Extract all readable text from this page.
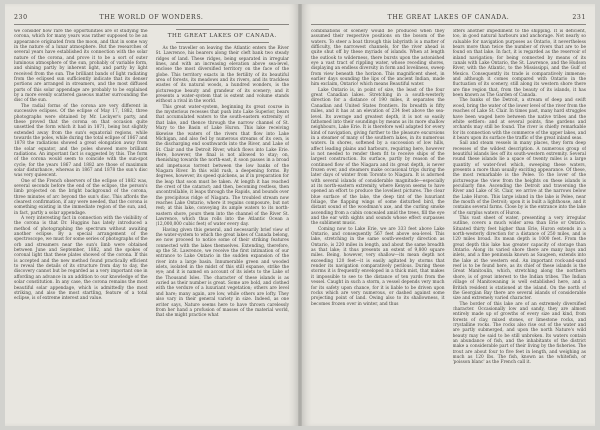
230	THE WORLD OF WONDERS.

we consider how rare the opportunities are of studying the corona, which for many years was rather supposed to be an appearance originated from the moon, and that in some way in the nature of a lunar atmosphere. But the researches of several years have established its connection with the solar nature of the corona, and prove it to be a sort of outer luminous atmosphere of the sun, probably of variable form, and shining partly by inherent light, and partly by light received from the sun. The brilliant bands of light radiating from the eclipsed sun sufficiently indicate that its denser portions are arranged in streamers, and the most diffused parts of this solar appendage are probably to be explained by a more evenly scattered gaseous matter surrounding the disc of the sun.

The radial forms of the corona are very different in successive eclipses. Of the eclipse of May 17, 1882, three photographs were obtained by Mr. Lockyer's party, and these proved that the corona on that occasion quite unsettled the form which it had in 1871, being but slightly extended away from the sun's equatorial regions, while towards the poles, while during the total eclipse of 1867 and 1878 the radiations showed a great elongation away from the solar equator, and the poles showed more brilliant radiations. An important fact is suggested by this. The form of the corona would seem to coincide with the sun-spot cycle; for the years 1867 and 1882 are those of maximum solar disturbance, whereas in 1867 and 1878 the sun's disc was very quiescent.

One of the French observers of the eclipse of 1882 was, several seconds before the end of the eclipse, the person's limb projected on the bright background of the corona, three minutes of arc beyond the sun's disc. This affords the clearest confirmation, if any were needed, that the corona is something existing in the immediate region of the sun, and, in fact, partly a solar appendage.

A very interesting fact in connection with the visibility of the corona is that Dr. Huggins has lately introduced a method of photographing the spectrum without awaiting another eclipse. By a special arrangement of the spectroscope, we must for some series of photographs of the orb and streamers near the sun's limb were obtained between June and September, 1882, and the spokes of coronal light that these plates showed of the corona. If this is accepted and the new method found practically efficient to reveal the details of its structure from day to day, the discovery cannot but be regarded as a very important one in affording an advance in an addition to our knowledge of the solar constitution. In any case, the corona remains the most beautiful solar appendage, which is admittedly the most striking, and also the most startling, feature of a total eclipse, is of extreme interest and value.

THE GREAT LAKES OF CANADA.

As the traveller on leaving the Atlantic enters the River St. Lawrence, his bearers along their cleft bank two steady ridges of land. These ridges, being separated in irregular lines, and with an increasing elevation above sea-level, enclose the most diversified territory on the face of the globe. This territory exacts in the fertility of its beautiful area of forests, its meadows and its rivers, and its trackless wastes of its natural woods, a hundred wonders, is the picturesque beauty and grandeur of its scenery; and it presents a water-system that is extent and volume stands without a rival in the world.

This great water-system, beginning its great course in the mysterious recesses that push into Lake Superior, bears that accumulated waters to the south-eastern extremity of that lake, and thence through the narrow channel of St. Mary to the Basin of Lake Huron. This lake receiving likewise the waters of the rivers that flow into Lake Michigan, and also fed by numerous streams of its own, is the discharging end southwards into the River, and Lake of St. Clair and the Detroit River, which flows into Lake Erie. Here, however, the final is not allowed to stay; on, rhenishing towards the north-east, it soon passes in a broad and impetuous torrent between the low banks of the Niagara River. In this wild rush, a deepening forms. By degrees, however, its speed quickens, as if in preparation for the leap that soon must be taken. At length it has reached the crest of the cataract; and then, becoming restless, then uncontrollable, it leaps through the Rapids, and bounds over the precipitous ridge of Niagara. The troubled stream now reaches Lake Ontario, where it regains composure, but not rest; at this lake, conveying its ample waters to its north-eastern shore, pours them into the channel of the River St. Lawrence, which thus rolls into the Atlantic Ocean a (12,000,000 cubic feet) of water every day.

Having given this general, and necessarily brief view of the water-system to which the great lakes of Canada belong, we now proceed to notice some of their striking features connected with the lakes themselves. Extending, therefore, up the St. Lawrence, we receive the first intimation of our entrance to Lake Ontario in the sudden expansion of the river into a large basin. Innumerable green and wooded islets, isolated in the midst of this still expanse, strike the eye; and it is named on account of its islets to the Lake of the Thousand Isles. The character of these islands is as varied as their number is great. Some are bold, and clothed with the verdure of a luxuriant vegetation; others are level and bare; many again, are low, while others are lofty. They also vary in their general variety in size. Indeed, as one writer says, Nature seems here to have thrown carelessly from her hand a profusion of masses of the material world, that she might practice what

THE GREAT LAKES OF CANADA.	231

combinations of scenery would be produced when they assumed their respective positions on the bosom of the waters. To steer a boat through this labyrinth is a matter of difficulty, the narrowest channels, for the river ahead is quite shut off by these myriads of islands. When at length the outlook to wilderness, there bursts upon the astonished eye a vast tract of rippling water, whose receding shores, displaying an endless diversity in form and loveliness, sweep from view beneath the horizon. This magnificent sheet, in earlier days sounding the lips of the ancient Indian, made him exclaim, Ontario! which means Beautiful water.

Lake Ontario is, in point of size, the least of the four great Canadian lakes. Stretching in a south-westerly direction for a distance of 190 miles, it separates the Canadian and United States frontiers. Its breadth is fifty miles, and it has at an elevation of 234 feet above the sea-level. Its average and greatest depth, it is not so easily fathomed into their soundings by means as its more shallow neighbours, Lake Erie. It is therefore well adapted for every kind of navigation, giving further to the pleasure excursions in a steamer of many of the southern lakes, in its numerous waters. In shores, softened by a succession of low hills, affect leading plains and harbours, requiring here, however is not needed to render them fit to receive ships of the largest construction. Its surface, partly by reason of the continued flow of the Niagara and its great depth, is never frozen over, and steamers make occasional trips during the later days of winter from Toronto to Niagara. It is adorned with several islands of considerable magnitude—especially at its north-eastern extremity, where Kenyon seems to have opened an effort to produce the loveliest pictures. The clear blue surface of the lake, the deep tint of the luxuriant foliage, the flapping wings of some disturbed bird, the distant sound of the woodman's axe, and the curling smoke ascending from a cabin concealed amid the trees, fill the eye and the ear with sights and sounds whose effect surpasses the subliment music.

Coming now to Lake Erie, we are 333 feet above Lake Ontario, and consequently 567 feet above sea-level. This lake, stretching in the same south-westerly direction as Ontario, is 220 miles in length, and about the same breadth as that lake; it thus presents an extent of 9,800 square miles. Being, however, very shallow—its mean depth not exceeding 120 feet—it is easily agitated by storms that render its navigation comparatively perilous. During these storms it is frequently enveloped in a thick mist, that makes it impossible to see to the distance of ten yards from the vessel. Caught in such a storm, a vessel depends very much for its safety upon chance, for it is liable to be driven upon rocks which are very numerous, or dashed against some projecting point of land. Owing also to its shallowness, it becomes frozen over in winter, and thus

offers another impediment to the shipping. It is deficient, too, in good natural harbours and anchorage. Not nearly so valuable for navigation purposes as Ontario, it nevertheless bears more than twice the number of rivers that are to be found on that lake. In fact, it is regarded as the reservoir of inland navigation; for being connected by means of its canals with Lake Ontario, the St. Lawrence, and the Hudson River, with the Atlantic, to the Mississippi, and the Gulf of Mexico. Consequently its trade is comparatively immense; and although it comes compared with Ontario in the fluctuation of its scenery, still along its western shore there are fine region that, from the beauty of its islands, it has been known as The Garden of Canada.

The banks of the Detroit, a stream of deep and swift wood, bring the water of the lower level of the river from the reaches of Lake St. Clair. In times past, many hard struggles have been waged here between the native tribes and the white settlers: and at several points, fine gardens and orchards may still be found. The river is chiefly remarkable for its connection with the commerce of the upper lakes, and it bears upon its surface the traffic of the great inland seas.

Sail and steam vessels in many places, they form deep recesses of the wildest description. A numerous group of beautiful islands lies off its south-western extremity. Several round these islands lie a space of twenty miles is a large quantity of water-fowl which, sweeping these waters, presents a more than usually exciting appearance. Of these, the most remarkable is the Pelee. To the lover of the picturesque the view from the heights on these islands is peculiarly fine. Ascending the Detroit and traversing the River and Lake of St. Clair, we arrive at the narrows below the Lake Huron. This large island in the lake is Pelee, near the mouth of the Detroit; upon it is built a lighthouse, and it contains several farms. Close by is the entrance into the lake of the surplus waters of Huron.

This vast sheet of water, presenting a very irregular outline, covers a much wider area than Erie or Ontario. Situated thirty feet higher than Erie, Huron extends in a north-westerly direction for a distance of 250 miles, and is 120 miles broad. Its mean depth is 1000 feet. From the great depth this lake has greater capacity of storage than Ontario. Along its varied shore there are many bays and inlets, and a fine peninsula known as Saugeen, extends into the lake at the western end. An important rock-and-sand reef is to be found here, as its chief of these islands is the Great Manitoulin, which, stretching along the northern shore, is of great interest to the Indian tribes. The Indian village of Manitowaning is well established here, and a British resident is stationed at the island. On the north of the Georgian Bay there are several islands of considerable size and extremely varied character.

The border of this lake are of an extremely diversified character. Occasionally low and sandy, they are almost entirely made up of growths of every size and kind, from forests of clay, mixed stones, or limestone rocks, and crystalline rocks. The rocks also rise out of the water and are partly submerged, and upon the north Nature's wild beauty may be said to be still unbroken. Its waters contain an abundance of fish, and the inhabitants of the district make a considerable part of their living by the fisheries. The trout are about four to five feet in length, and weighing as much as 120 lbs. The fish, known as the whitefish, or 'poisson blanc' as the French call it.
